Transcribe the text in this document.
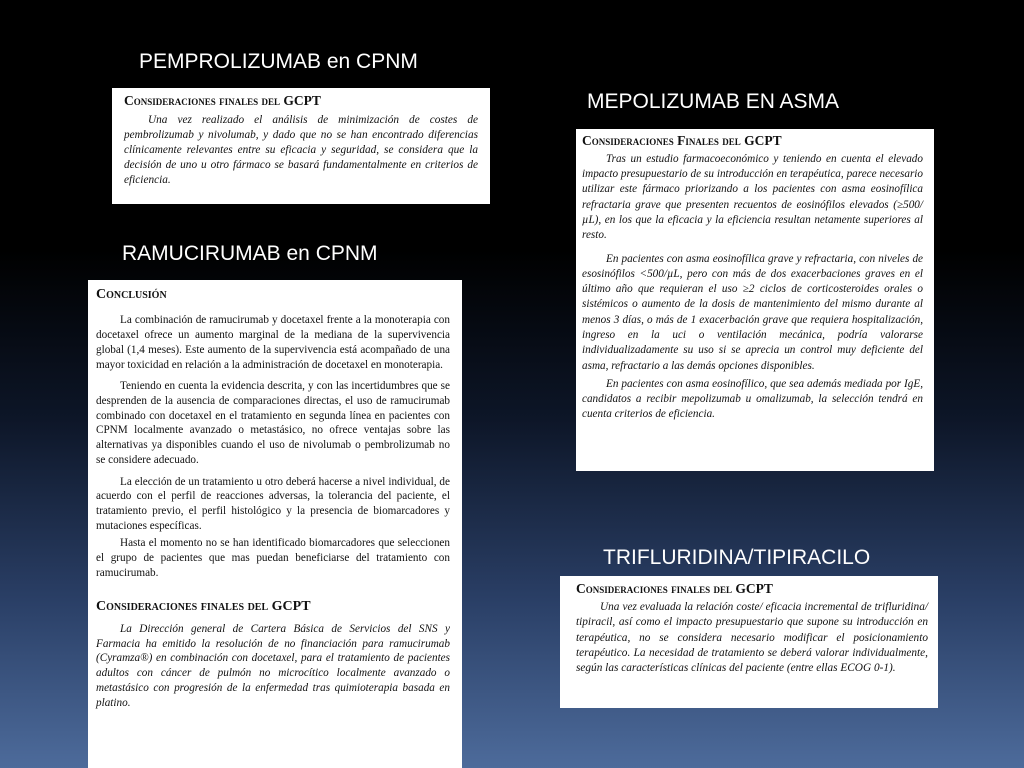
PEMPROLIZUMAB en CPNM
MEPOLIZUMAB EN ASMA
RAMUCIRUMAB en CPNM
TRIFLURIDINA/TIPIRACILO
Consideraciones finales del GCPT

Una vez realizado el análisis de minimización de costes de pembrolizumab y nivolumab, y dado que no se han encontrado diferencias clínicamente relevantes entre su eficacia y seguridad, se considera que la decisión de uno u otro fármaco se basará fundamentalmente en criterios de eficiencia.

Consideraciones Finales del GCPT

Tras un estudio farmacoeconómico y teniendo en cuenta el elevado impacto presupuestario de su introducción en terapéutica, parece necesario utilizar este fármaco priorizando a los pacientes con asma eosinofílica refractaria grave que presenten recuentos de eosinófilos elevados (≥500/µL), en los que la eficacia y la eficiencia resultan netamente superiores al resto.

En pacientes con asma eosinofílica grave y refractaria, con niveles de esosinófilos <500/µL, pero con más de dos exacerbaciones graves en el último año que requieran el uso ≥2 ciclos de corticosteroides orales o sistémicos o aumento de la dosis de mantenimiento del mismo durante al menos 3 días, o más de 1 exacerbación grave que requiera hospitalización, ingreso en la uci o ventilación mecánica, podría valorarse individualizadamente su uso si se aprecia un control muy deficiente del asma, refractario a las demás opciones disponibles.

En pacientes con asma eosinofílico, que sea además mediada por IgE, candidatos a recibir mepolizumab u omalizumab, la selección tendrá en cuenta criterios de eficiencia.

Conclusión

La combinación de ramucirumab y docetaxel frente a la monoterapia con docetaxel ofrece un aumento marginal de la mediana de la supervivencia global (1,4 meses). Este aumento de la supervivencia está acompañado de una mayor toxicidad en relación a la administración de docetaxel en monoterapia.

Teniendo en cuenta la evidencia descrita, y con las incertidumbres que se desprenden de la ausencia de comparaciones directas, el uso de ramucirumab combinado con docetaxel en el tratamiento en segunda línea en pacientes con CPNM localmente avanzado o metastásico, no ofrece ventajas sobre las alternativas ya disponibles cuando el uso de nivolumab o pembrolizumab no se considere adecuado.

La elección de un tratamiento u otro deberá hacerse a nivel individual, de acuerdo con el perfil de reacciones adversas, la tolerancia del paciente, el tratamiento previo, el perfil histológico y la presencia de biomarcadores y mutaciones específicas.

Hasta el momento no se han identificado biomarcadores que seleccionen el grupo de pacientes que mas puedan beneficiarse del tratamiento con ramucirumab.

Consideraciones finales del GCPT

La Dirección general de Cartera Básica de Servicios del SNS y Farmacia ha emitido la resolución de no financiación para ramucirumab (Cyramza®) en combinación con docetaxel, para el tratamiento de pacientes adultos con cáncer de pulmón no microcítico localmente avanzado o metastásico con progresión de la enfermedad tras quimioterapia basada en platino.

Consideraciones finales del GCPT

Una vez evaluada la relación coste/ eficacia incremental de trifluridina/ tipiracil, así como el impacto presupuestario que supone su introducción en terapéutica, no se considera necesario modificar el posicionamiento terapéutico. La necesidad de tratamiento se deberá valorar individualmente, según las características clínicas del paciente (entre ellas ECOG 0-1).
